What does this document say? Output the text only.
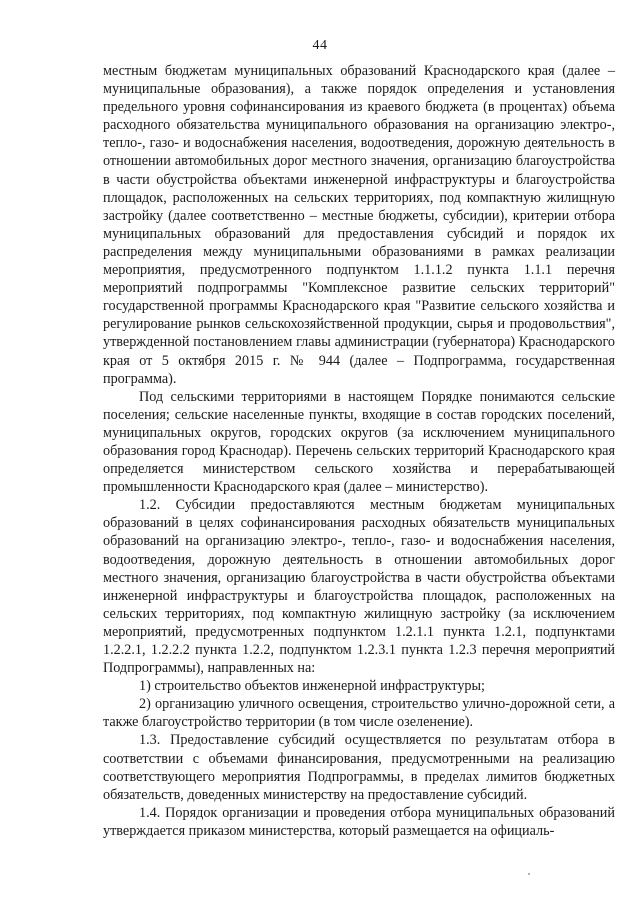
44

местным бюджетам муниципальных образований Краснодарского края (далее – муниципальные образования), а также порядок определения и установления предельного уровня софинансирования из краевого бюджета (в процентах) объема расходного обязательства муниципального образования на организацию электро-, тепло-, газо- и водоснабжения населения, водоотведения, дорожную деятельность в отношении автомобильных дорог местного значения, организацию благоустройства в части обустройства объектами инженерной инфраструктуры и благоустройства площадок, расположенных на сельских территориях, под компактную жилищную застройку (далее соответственно – местные бюджеты, субсидии), критерии отбора муниципальных образований для предоставления субсидий и порядок их распределения между муниципальными образованиями в рамках реализации мероприятия, предусмотренного подпунктом 1.1.1.2 пункта 1.1.1 перечня мероприятий подпрограммы "Комплексное развитие сельских территорий" государственной программы Краснодарского края "Развитие сельского хозяйства и регулирование рынков сельскохозяйственной продукции, сырья и продовольствия", утвержденной постановлением главы администрации (губернатора) Краснодарского края от 5 октября 2015 г. № 944 (далее – Подпрограмма, государственная программа).

Под сельскими территориями в настоящем Порядке понимаются сельские поселения; сельские населенные пункты, входящие в состав городских поселений, муниципальных округов, городских округов (за исключением муниципального образования город Краснодар). Перечень сельских территорий Краснодарского края определяется министерством сельского хозяйства и перерабатывающей промышленности Краснодарского края (далее – министерство).

1.2. Субсидии предоставляются местным бюджетам муниципальных образований в целях софинансирования расходных обязательств муниципальных образований на организацию электро-, тепло-, газо- и водоснабжения населения, водоотведения, дорожную деятельность в отношении автомобильных дорог местного значения, организацию благоустройства в части обустройства объектами инженерной инфраструктуры и благоустройства площадок, расположенных на сельских территориях, под компактную жилищную застройку (за исключением мероприятий, предусмотренных подпунктом 1.2.1.1 пункта 1.2.1, подпунктами 1.2.2.1, 1.2.2.2 пункта 1.2.2, подпунктом 1.2.3.1 пункта 1.2.3 перечня мероприятий Подпрограммы), направленных на:

1) строительство объектов инженерной инфраструктуры;

2) организацию уличного освещения, строительство улично-дорожной сети, а также благоустройство территории (в том числе озеленение).

1.3. Предоставление субсидий осуществляется по результатам отбора в соответствии с объемами финансирования, предусмотренными на реализацию соответствующего мероприятия Подпрограммы, в пределах лимитов бюджетных обязательств, доведенных министерству на предоставление субсидий.

1.4. Порядок организации и проведения отбора муниципальных образований утверждается приказом министерства, который размещается на официаль-
